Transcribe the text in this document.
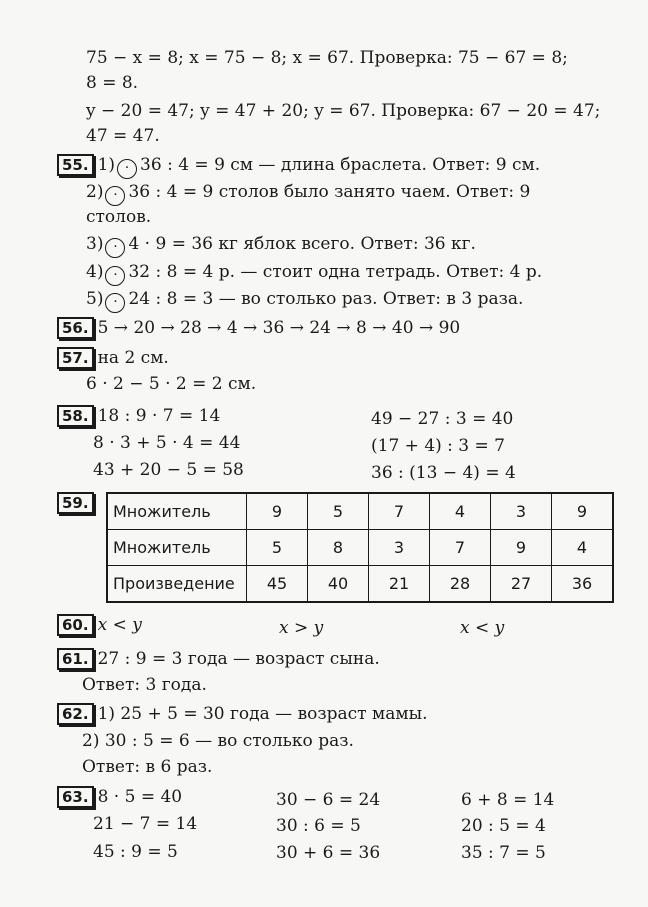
75 − x = 8; x = 75 − 8; x = 67. Проверка: 75 − 67 = 8;
8 = 8.
y − 20 = 47; y = 47 + 20; y = 67. Проверка: 67 − 20 = 47;
47 = 47.
55. 1) ⋅ 36 : 4 = 9 см — длина браслета. Ответ: 9 см.
2) ⋅ 36 : 4 = 9 столов было занято чаем. Ответ: 9
столов.
3) ⋅ 4 · 9 = 36 кг яблок всего. Ответ: 36 кг.
4) ⋅ 32 : 8 = 4 р. — стоит одна тетрадь. Ответ: 4 р.
5) ⋅ 24 : 8 = 3 — во столько раз. Ответ: в 3 раза.
56. 5 → 20 → 28 → 4 → 36 → 24 → 8 → 40 → 90
57. на 2 см.
6 · 2 − 5 · 2 = 2 см.
58. 18 : 9 · 7 = 14
8 · 3 + 5 · 4 = 44
43 + 20 − 5 = 58
49 − 27 : 3 = 40
(17 + 4) : 3 = 7
36 : (13 − 4) = 4
59.	Множитель	9	5	7	4	3	9
Множитель	5	8	3	7	9	4
Произведение	45	40	21	28	27	36
60. x < y	x > y	x < y
61. 27 : 9 = 3 года — возраст сына.
Ответ: 3 года.
62. 1) 25 + 5 = 30 года — возраст мамы.
2) 30 : 5 = 6 — во столько раз.
Ответ: в 6 раз.
63. 8 · 5 = 40
21 − 7 = 14
45 : 9 = 5
30 − 6 = 24
30 : 6 = 5
30 + 6 = 36
6 + 8 = 14
20 : 5 = 4
35 : 7 = 5
